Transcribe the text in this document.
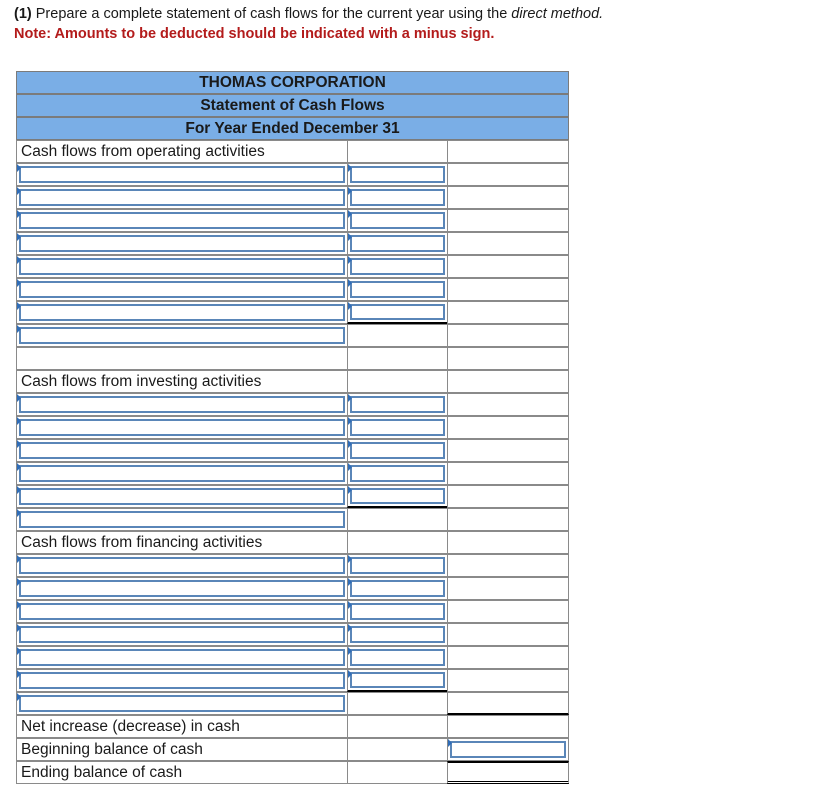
(1) Prepare a complete statement of cash flows for the current year using the direct method.
Note: Amounts to be deducted should be indicated with a minus sign.
THOMAS CORPORATION
Statement of Cash Flows
For Year Ended December 31
Cash flows from operating activities
Cash flows from investing activities
Cash flows from financing activities
Net increase (decrease) in cash
Beginning balance of cash
Ending balance of cash
